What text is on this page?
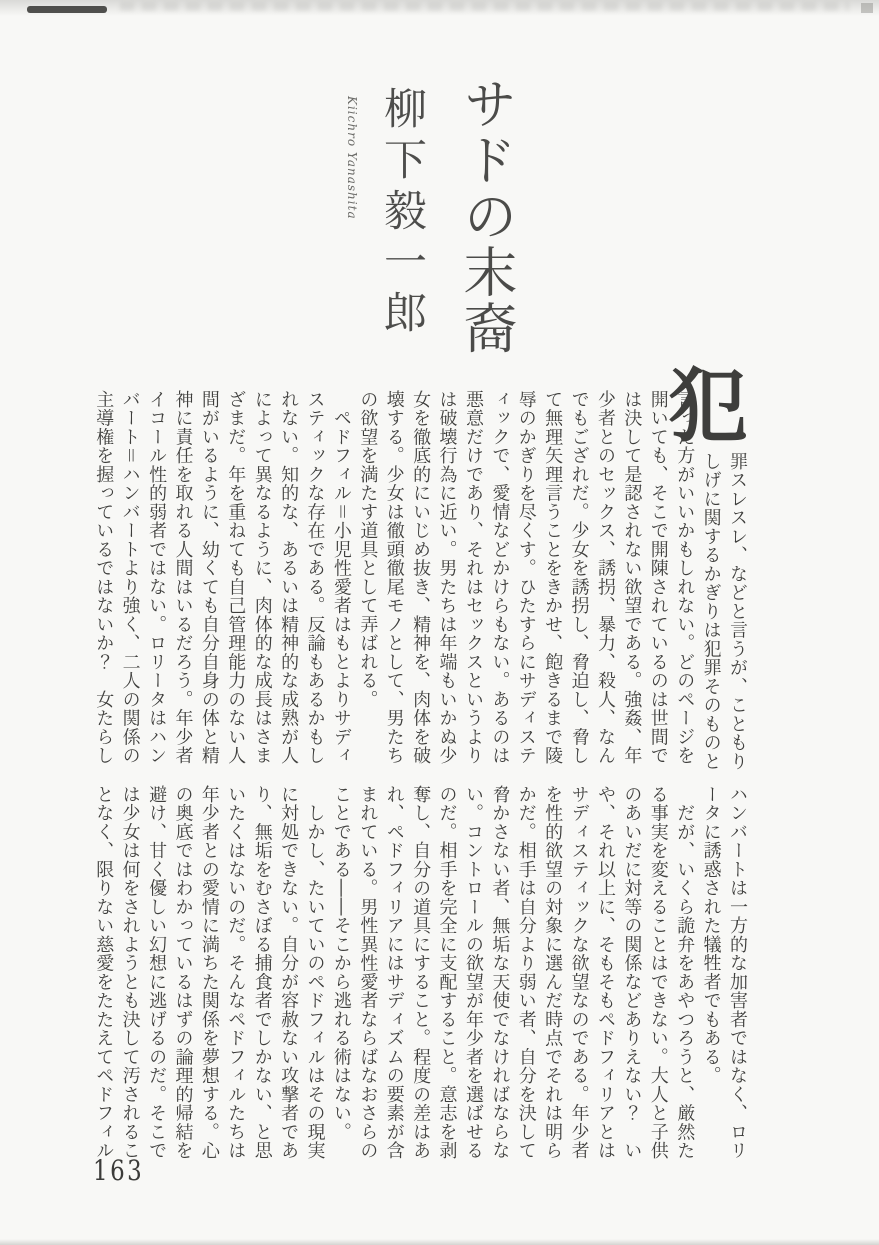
サドの末裔
柳下毅一郎
Kiichro Yanashita
犯
罪スレスレ、などと言うが、こともり
しげに関するかぎりは犯罪そのものと
言った方がいいかもしれない。どのページを
開いても、そこで開陳されているのは世間で
は決して是認されない欲望である。強姦、年
少者とのセックス、誘拐、暴力、殺人、なん
でもござれだ。少女を誘拐し、脅迫し、脅し
て無理矢理言うことをきかせ、飽きるまで陵
辱のかぎりを尽くす。ひたすらにサディステ
ィックで、愛情などかけらもない。あるのは
悪意だけであり、それはセックスというより
は破壊行為に近い。男たちは年端もいかぬ少
女を徹底的にいじめ抜き、精神を、肉体を破
壊する。少女は徹頭徹尾モノとして、男たち
の欲望を満たす道具として弄ばれる。
　ペドフィル＝小児性愛者はもとよりサディ
スティックな存在である。反論もあるかもし
れない。知的な、あるいは精神的な成熟が人
によって異なるように、肉体的な成長はさま
ざまだ。年を重ねても自己管理能力のない人
間がいるように、幼くても自分自身の体と精
神に責任を取れる人間はいるだろう。年少者
イコール性的弱者ではない。ロリータはハン
バート＝ハンバートより強く、二人の関係の
主導権を握っているではないか？　女たらし
ハンバートは一方的な加害者ではなく、ロリ
ータに誘惑された犠牲者でもある。
　だが、いくら詭弁をあやつろうと、厳然た
る事実を変えることはできない。大人と子供
のあいだに対等の関係などありえない？　い
や、それ以上に、そもそもペドフィリアとは
サディスティックな欲望なのである。年少者
を性的欲望の対象に選んだ時点でそれは明ら
かだ。相手は自分より弱い者、自分を決して
脅かさない者、無垢な天使でなければならな
い。コントロールの欲望が年少者を選ばせる
のだ。相手を完全に支配すること。意志を剥
奪し、自分の道具にすること。程度の差はあ
れ、ペドフィリアにはサディズムの要素が含
まれている。男性異性愛者ならばなおさらの
ことである――そこから逃れる術はない。
　しかし、たいていのペドフィルはその現実
に対処できない。自分が容赦ない攻撃者であ
り、無垢をむさぼる捕食者でしかない、と思
いたくはないのだ。そんなペドフィルたちは
年少者との愛情に満ちた関係を夢想する。心
の奥底ではわかっているはずの論理的帰結を
避け、甘く優しい幻想に逃げるのだ。そこで
は少女は何をされようとも決して汚されるこ
となく、限りない慈愛をたたえてペドフィル
163
